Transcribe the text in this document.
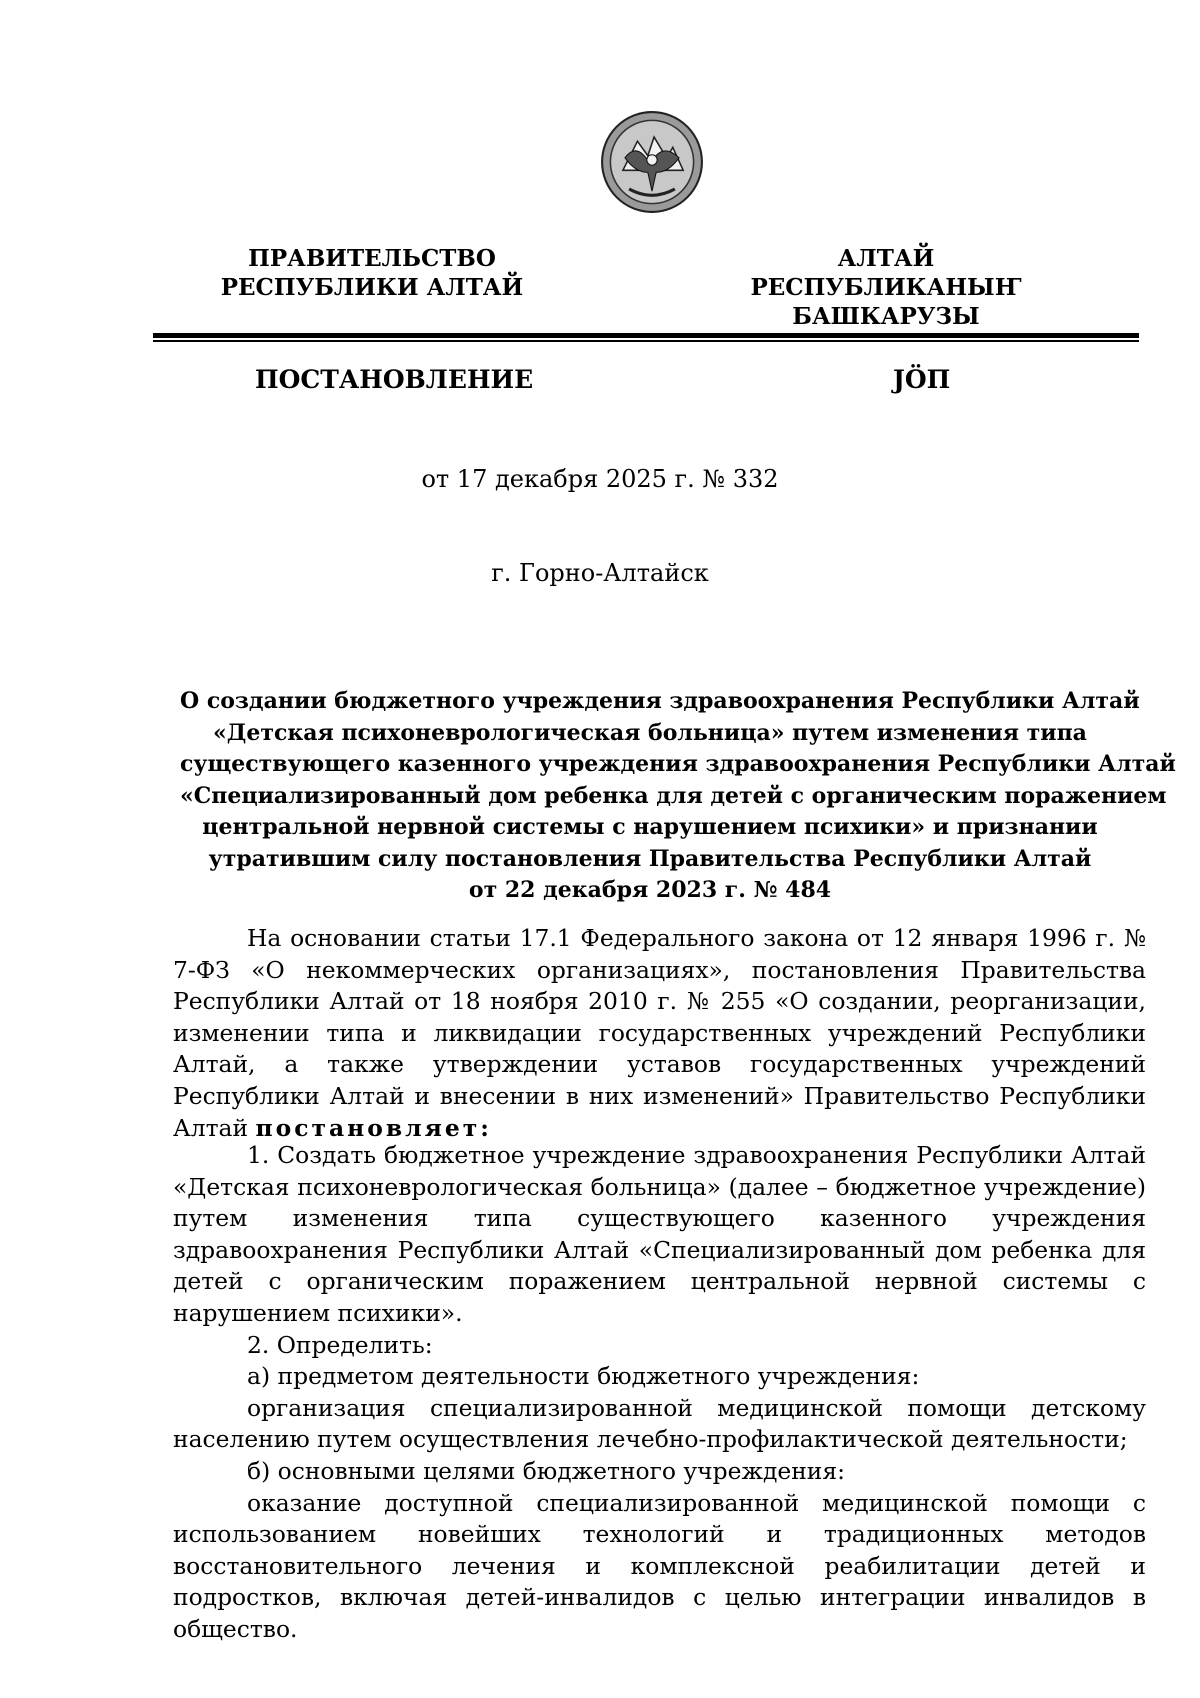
ПРАВИТЕЛЬСТВО
РЕСПУБЛИКИ АЛТАЙ
АЛТАЙ РЕСПУБЛИКАНЫҤ
БАШКАРУЗЫ
ПОСТАНОВЛЕНИЕ	ЈӦП
от 17 декабря 2025 г. № 332
г. Горно-Алтайск
О создании бюджетного учреждения здравоохранения Республики Алтай
«Детская психоневрологическая больница» путем изменения типа
существующего казенного учреждения здравоохранения Республики Алтай
«Специализированный дом ребенка для детей с органическим поражением
центральной нервной системы с нарушением психики» и признании
утратившим силу постановления Правительства Республики Алтай
от 22 декабря 2023 г. № 484

На основании статьи 17.1 Федерального закона от 12 января 1996 г. № 7-ФЗ «О некоммерческих организациях», постановления Правительства Республики Алтай от 18 ноября 2010 г. № 255 «О создании, реорганизации, изменении типа и ликвидации государственных учреждений Республики Алтай, а также утверждении уставов государственных учреждений Республики Алтай и внесении в них изменений» Правительство Республики Алтай постановляет:

1. Создать бюджетное учреждение здравоохранения Республики Алтай «Детская психоневрологическая больница» (далее – бюджетное учреждение) путем изменения типа существующего казенного учреждения здравоохранения Республики Алтай «Специализированный дом ребенка для детей с органическим поражением центральной нервной системы с нарушением психики».

2. Определить:

а) предметом деятельности бюджетного учреждения:

организация специализированной медицинской помощи детскому населению путем осуществления лечебно-профилактической деятельности;

б) основными целями бюджетного учреждения:

оказание доступной специализированной медицинской помощи с использованием новейших технологий и традиционных методов восстановительного лечения и комплексной реабилитации детей и подростков, включая детей-инвалидов с целью интеграции инвалидов в общество.
